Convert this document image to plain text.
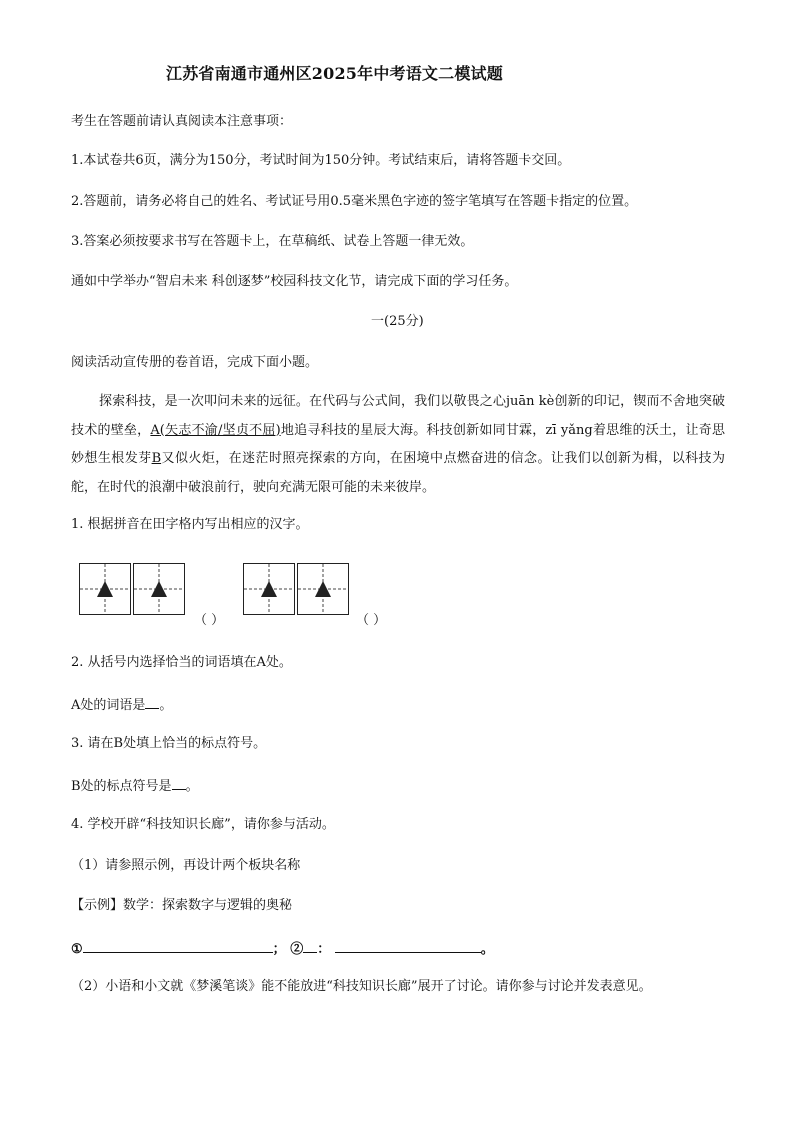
江苏省南通市通州区2025年中考语文二模试题
考生在答题前请认真阅读本注意事项：
1.本试卷共6页，满分为150分，考试时间为150分钟。考试结束后，请将答题卡交回。
2.答题前，请务必将自己的姓名、考试证号用0.5毫米黑色字迹的签字笔填写在答题卡指定的位置。
3.答案必须按要求书写在答题卡上，在草稿纸、试卷上答题一律无效。
通如中学举办“智启未来 科创逐梦”校园科技文化节，请完成下面的学习任务。
一(25分)
阅读活动宣传册的卷首语，完成下面小题。
探索科技，是一次叩问未来的远征。在代码与公式间，我们以敬畏之心juān kè创新的印记，锲而不舍地突破技术的壁垒，A(矢志不渝/坚贞不屈)地追寻科技的星辰大海。科技创新如同甘霖，zī yǎng着思维的沃土，让奇思妙想生根发芽B又似火炬，在迷茫时照亮探索的方向，在困境中点燃奋进的信念。让我们以创新为楫，以科技为舵，在时代的浪潮中破浪前行，驶向充满无限可能的未来彼岸。
1. 根据拼音在田字格内写出相应的汉字。
（ ）	（ ）
2. 从括号内选择恰当的词语填在A处。
A处的词语是 。
3. 请在B处填上恰当的标点符号。
B处的标点符号是 。
4. 学校开辟“科技知识长廊”，请你参与活动。
（1）请参照示例，再设计两个板块名称
【示例】数学：探索数字与逻辑的奥秘
①	； ② ：	。
（2）小语和小文就《梦溪笔谈》能不能放进“科技知识长廊”展开了讨论。请你参与讨论并发表意见。
